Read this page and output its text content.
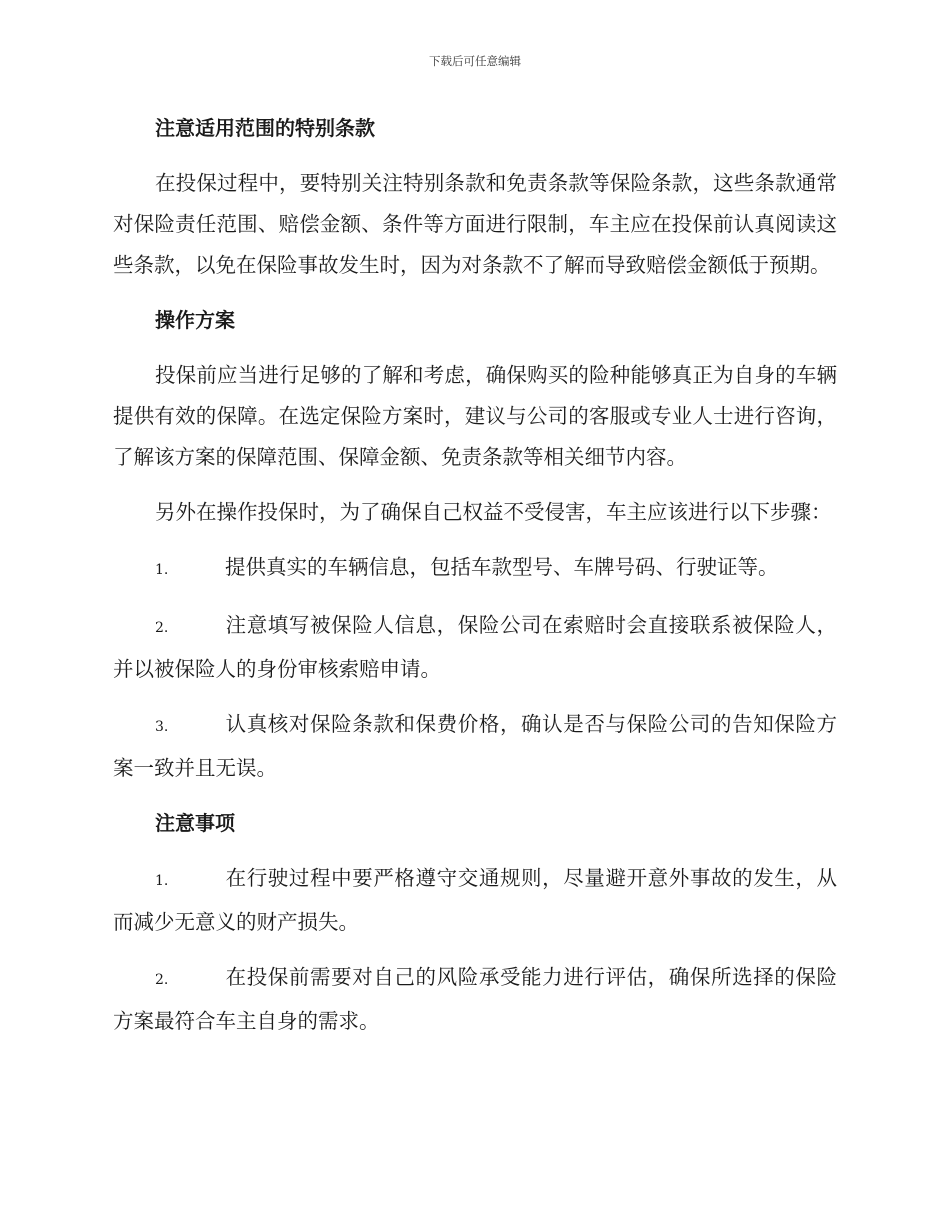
下载后可任意编辑

注意适用范围的特别条款

在投保过程中，要特别关注特别条款和免责条款等保险条款，这些条款通常对保险责任范围、赔偿金额、条件等方面进行限制，车主应在投保前认真阅读这些条款，以免在保险事故发生时，因为对条款不了解而导致赔偿金额低于预期。

操作方案

投保前应当进行足够的了解和考虑，确保购买的险种能够真正为自身的车辆提供有效的保障。在选定保险方案时，建议与公司的客服或专业人士进行咨询，了解该方案的保障范围、保障金额、免责条款等相关细节内容。

另外在操作投保时，为了确保自己权益不受侵害，车主应该进行以下步骤：

1.	提供真实的车辆信息，包括车款型号、车牌号码、行驶证等。

2.	注意填写被保险人信息，保险公司在索赔时会直接联系被保险人，并以被保险人的身份审核索赔申请。

3.	认真核对保险条款和保费价格，确认是否与保险公司的告知保险方案一致并且无误。

注意事项

1.	在行驶过程中要严格遵守交通规则，尽量避开意外事故的发生，从而减少无意义的财产损失。

2.	在投保前需要对自己的风险承受能力进行评估，确保所选择的保险方案最符合车主自身的需求。
